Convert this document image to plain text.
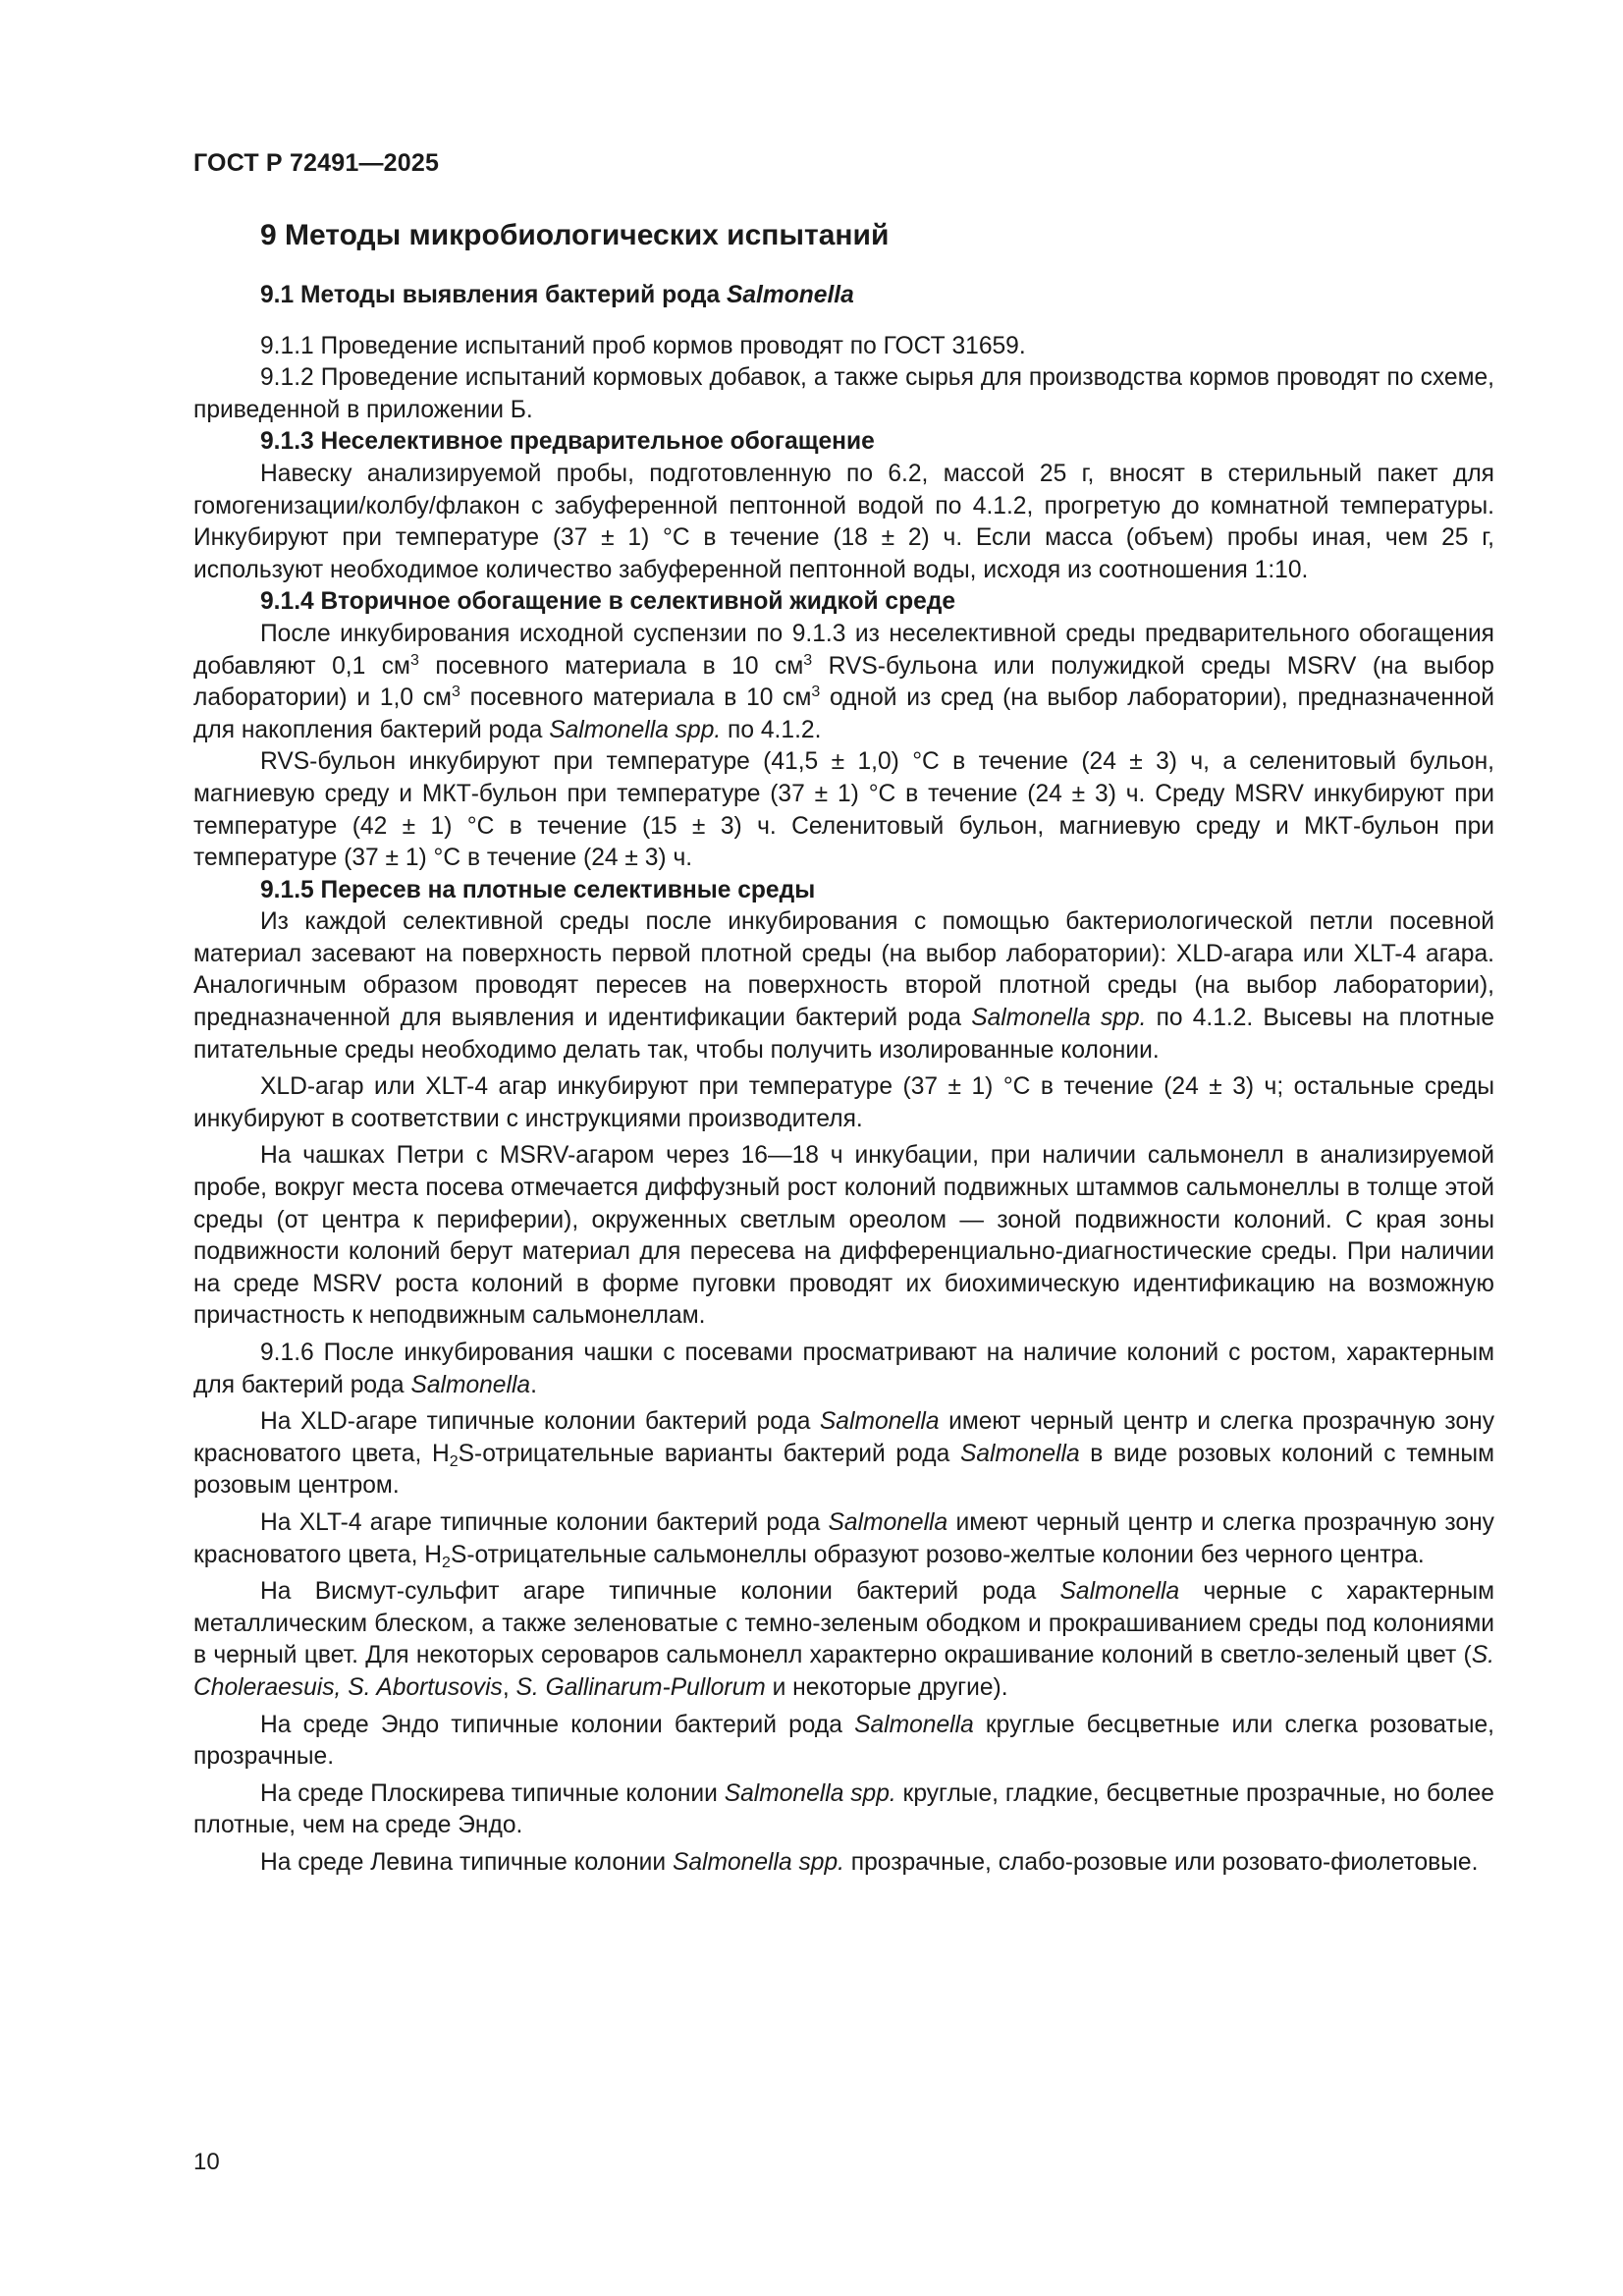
ГОСТ Р 72491—2025
9 Методы микробиологических испытаний
9.1 Методы выявления бактерий рода Salmonella

9.1.1 Проведение испытаний проб кормов проводят по ГОСТ 31659.

9.1.2 Проведение испытаний кормовых добавок, а также сырья для производства кормов проводят по схеме, приведенной в приложении Б.

9.1.3 Неселективное предварительное обогащение

Навеску анализируемой пробы, подготовленную по 6.2, массой 25 г, вносят в стерильный пакет для гомогенизации/колбу/флакон с забуференной пептонной водой по 4.1.2, прогретую до комнатной температуры. Инкубируют при температуре (37 ± 1) °С в течение (18 ± 2) ч. Если масса (объем) пробы иная, чем 25 г, используют необходимое количество забуференной пептонной воды, исходя из соотношения 1:10.

9.1.4 Вторичное обогащение в селективной жидкой среде

После инкубирования исходной суспензии по 9.1.3 из неселективной среды предварительного обогащения добавляют 0,1 $см^3$ посевного материала в 10 $см^3$ RVS-бульона или полужидкой среды MSRV (на выбор лаборатории) и 1,0 $см^3$ посевного материала в 10 $см^3$ одной из сред (на выбор лаборатории), предназначенной для накопления бактерий рода Salmonella spp. по 4.1.2.

RVS-бульон инкубируют при температуре (41,5 ± 1,0) °С в течение (24 ± 3) ч, а селенитовый бульон, магниевую среду и МКТ-бульон при температуре (37 ± 1) °С в течение (24 ± 3) ч. Среду MSRV инкубируют при температуре (42 ± 1) °С в течение (15 ± 3) ч. Селенитовый бульон, магниевую среду и МКТ-бульон при температуре (37 ± 1) °С в течение (24 ± 3) ч.

9.1.5 Пересев на плотные селективные среды

Из каждой селективной среды после инкубирования с помощью бактериологической петли посевной материал засевают на поверхность первой плотной среды (на выбор лаборатории): XLD-агара или XLT-4 агара. Аналогичным образом проводят пересев на поверхность второй плотной среды (на выбор лаборатории), предназначенной для выявления и идентификации бактерий рода Salmonella spp. по 4.1.2. Высевы на плотные питательные среды необходимо делать так, чтобы получить изолированные колонии.

XLD-агар или XLT-4 агар инкубируют при температуре (37 ± 1) °С в течение (24 ± 3) ч; остальные среды инкубируют в соответствии с инструкциями производителя.

На чашках Петри с MSRV-агаром через 16—18 ч инкубации, при наличии сальмонелл в анализируемой пробе, вокруг места посева отмечается диффузный рост колоний подвижных штаммов сальмонеллы в толще этой среды (от центра к периферии), окруженных светлым ореолом — зоной подвижности колоний. С края зоны подвижности колоний берут материал для пересева на дифференциально-диагностические среды. При наличии на среде MSRV роста колоний в форме пуговки проводят их биохимическую идентификацию на возможную причастность к неподвижным сальмонеллам.

9.1.6 После инкубирования чашки с посевами просматривают на наличие колоний с ростом, характерным для бактерий рода Salmonella.

На XLD-агаре типичные колонии бактерий рода Salmonella имеют черный центр и слегка прозрачную зону красноватого цвета, $H_2S$-отрицательные варианты бактерий рода Salmonella в виде розовых колоний с темным розовым центром.

На XLT-4 агаре типичные колонии бактерий рода Salmonella имеют черный центр и слегка прозрачную зону красноватого цвета, $H_2S$-отрицательные сальмонеллы образуют розово-желтые колонии без черного центра.

На Висмут-сульфит агаре типичные колонии бактерий рода Salmonella черные с характерным металлическим блеском, а также зеленоватые с темно-зеленым ободком и прокрашиванием среды под колониями в черный цвет. Для некоторых сероваров сальмонелл характерно окрашивание колоний в светло-зеленый цвет (S. Choleraesuis, S. Abortusovis, S. Gallinarum-Pullorum и некоторые другие).

На среде Эндо типичные колонии бактерий рода Salmonella круглые бесцветные или слегка розоватые, прозрачные.

На среде Плоскирева типичные колонии Salmonella spp. круглые, гладкие, бесцветные прозрачные, но более плотные, чем на среде Эндо.

На среде Левина типичные колонии Salmonella spp. прозрачные, слабо-розовые или розовато-фиолетовые.

10
